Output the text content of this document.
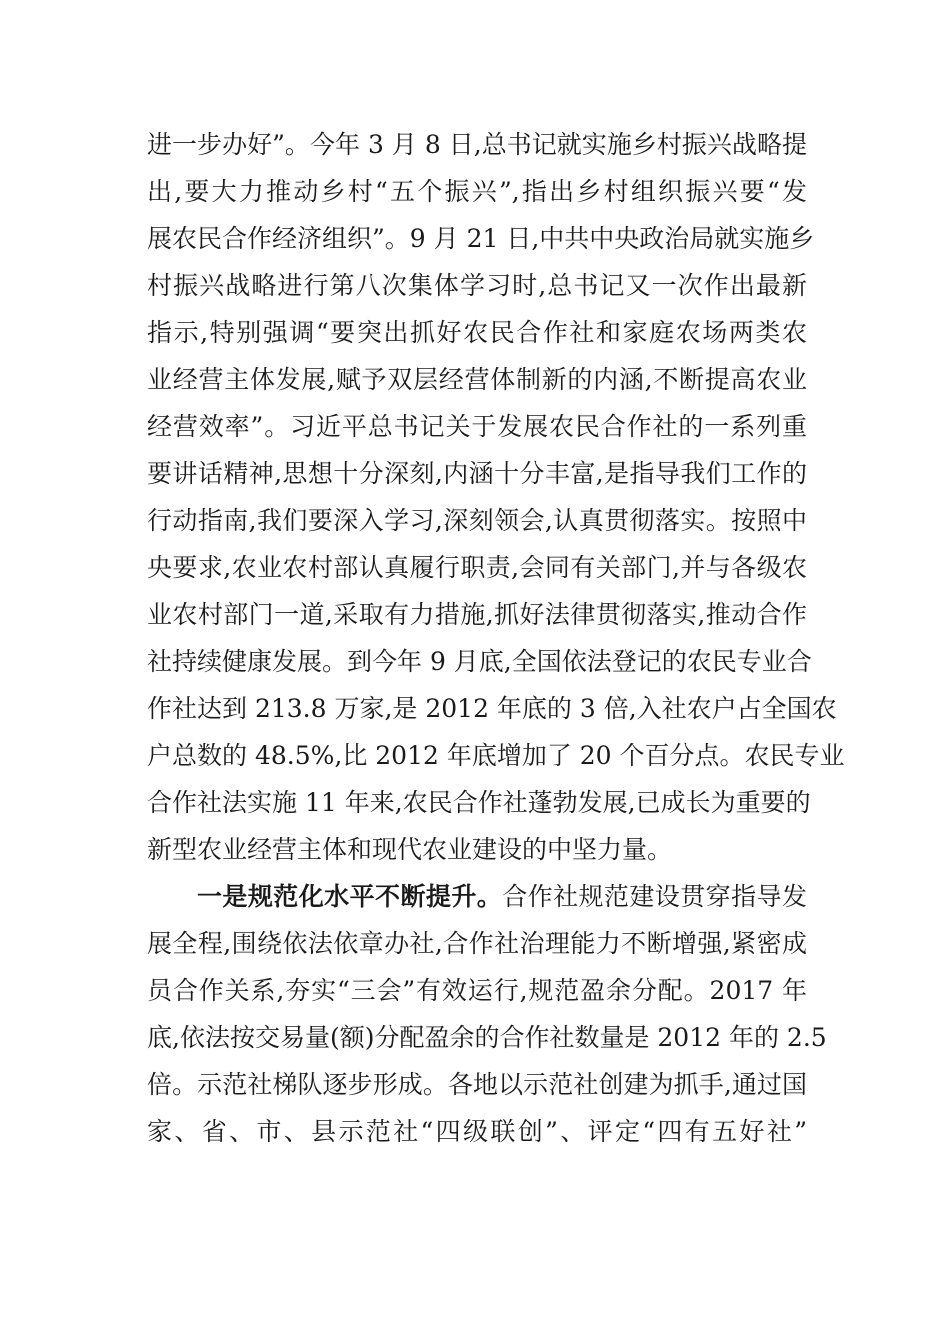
进一步办好”。今年 3 月 8 日,总书记就实施乡村振兴战略提
出,要大力推动乡村“五个振兴”,指出乡村组织振兴要“发
展农民合作经济组织”。9 月 21 日,中共中央政治局就实施乡
村振兴战略进行第八次集体学习时,总书记又一次作出最新
指示,特别强调“要突出抓好农民合作社和家庭农场两类农
业经营主体发展,赋予双层经营体制新的内涵,不断提高农业
经营效率”。习近平总书记关于发展农民合作社的一系列重
要讲话精神,思想十分深刻,内涵十分丰富,是指导我们工作的
行动指南,我们要深入学习,深刻领会,认真贯彻落实。按照中
央要求,农业农村部认真履行职责,会同有关部门,并与各级农
业农村部门一道,采取有力措施,抓好法律贯彻落实,推动合作
社持续健康发展。到今年 9 月底,全国依法登记的农民专业合
作社达到 213.8 万家,是 2012 年底的 3 倍,入社农户占全国农
户总数的 48.5%,比 2012 年底增加了 20 个百分点。农民专业
合作社法实施 11 年来,农民合作社蓬勃发展,已成长为重要的
新型农业经营主体和现代农业建设的中坚力量。
一是规范化水平不断提升。合作社规范建设贯穿指导发
展全程,围绕依法依章办社,合作社治理能力不断增强,紧密成
员合作关系,夯实“三会”有效运行,规范盈余分配。2017 年
底,依法按交易量(额)分配盈余的合作社数量是 2012 年的 2.5
倍。示范社梯队逐步形成。各地以示范社创建为抓手,通过国
家、省、市、县示范社“四级联创”、评定“四有五好社”
